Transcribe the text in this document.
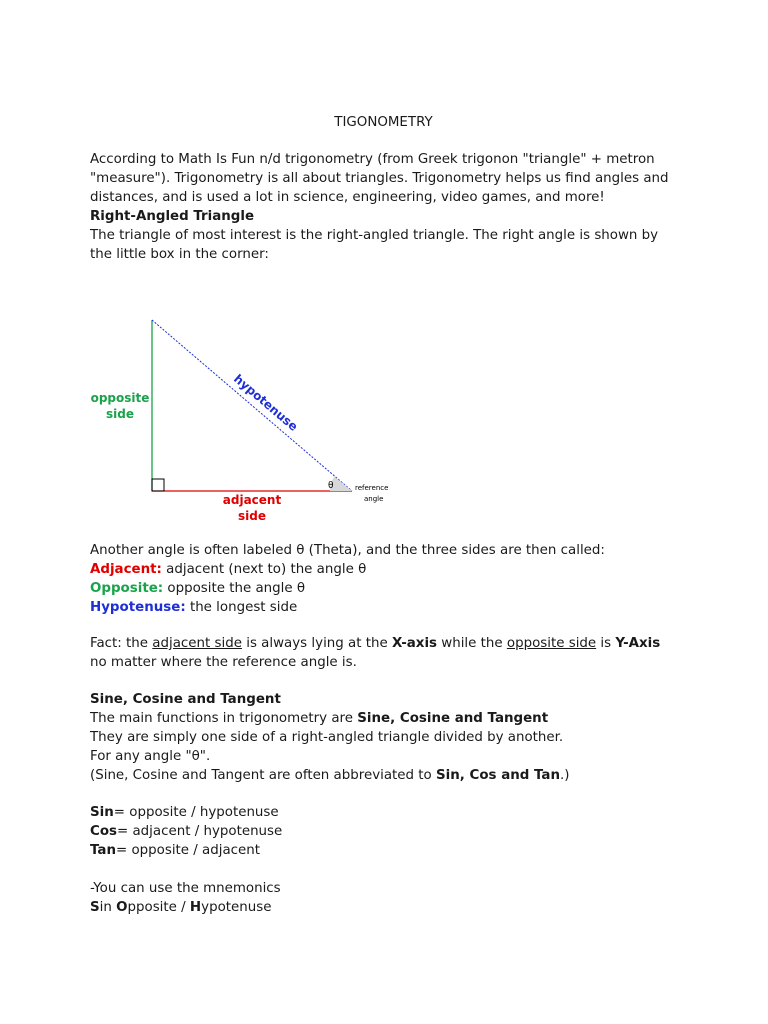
TIGONOMETRY
According to Math Is Fun n/d trigonometry (from Greek trigonon "triangle" + metron
"measure"). Trigonometry is all about triangles. Trigonometry helps us find angles and
distances, and is used a lot in science, engineering, video games, and more!
Right-Angled Triangle
The triangle of most interest is the right-angled triangle. The right angle is shown by
the little box in the corner:
θ
opposite
side	hypotenuse
adjacent
side
reference
angle
Another angle is often labeled θ (Theta), and the three sides are then called:
Adjacent: adjacent (next to) the angle θ
Opposite: opposite the angle θ
Hypotenuse: the longest side
Fact: the adjacent side is always lying at the X-axis while the opposite side is Y-Axis
no matter where the reference angle is.
Sine, Cosine and Tangent
The main functions in trigonometry are Sine, Cosine and Tangent
They are simply one side of a right-angled triangle divided by another.
For any angle "θ".
(Sine, Cosine and Tangent are often abbreviated to Sin, Cos and Tan.)
Sin= opposite / hypotenuse
Cos= adjacent / hypotenuse
Tan= opposite / adjacent
-You can use the mnemonics
Sin Opposite / Hypotenuse
